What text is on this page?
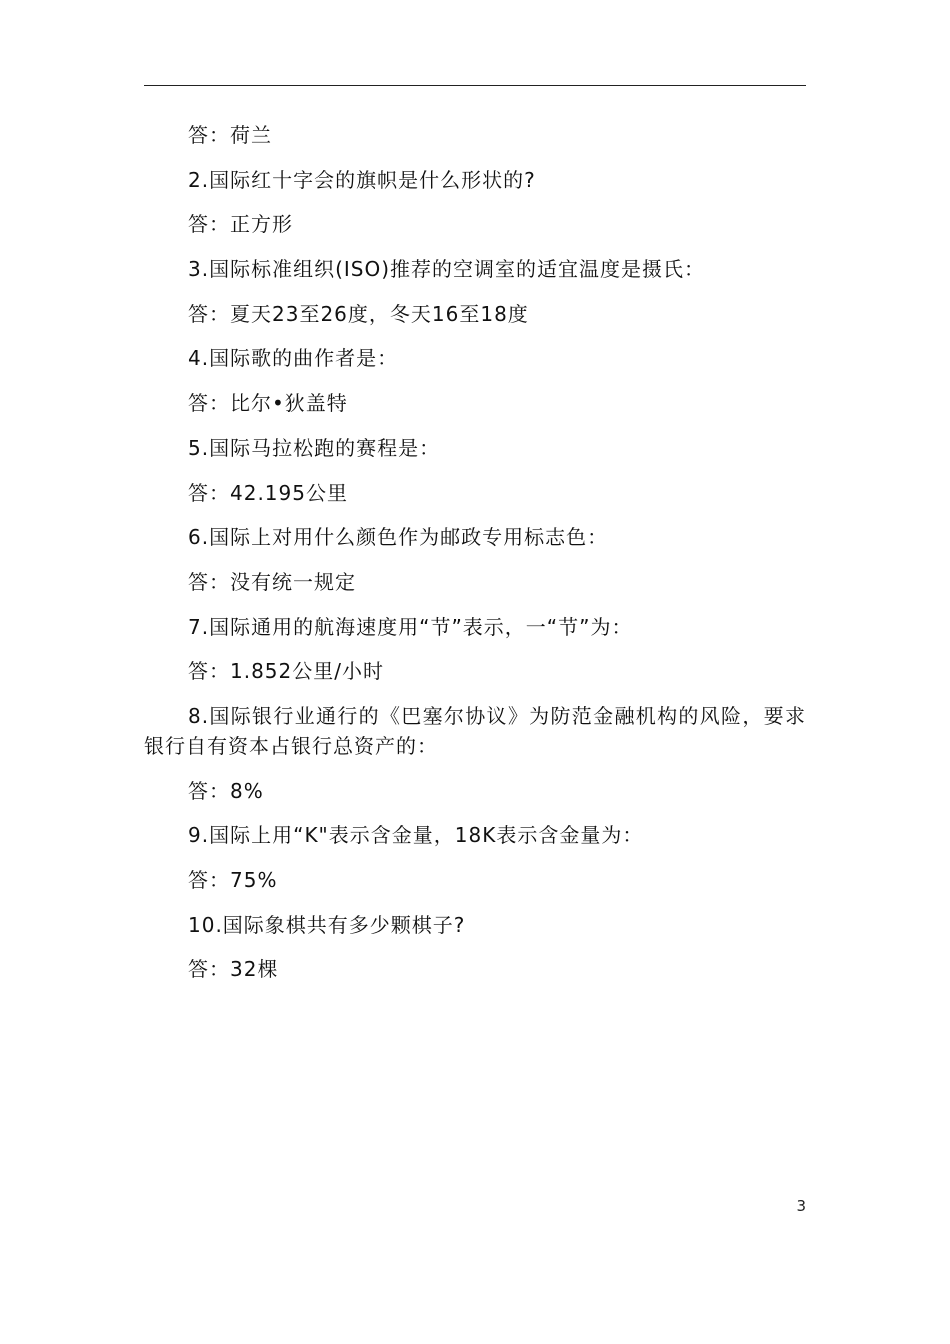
答：荷兰

2.国际红十字会的旗帜是什么形状的?

答：正方形

3.国际标准组织(ISO)推荐的空调室的适宜温度是摄氏：

答：夏天23至26度，冬天16至18度

4.国际歌的曲作者是：

答：比尔•狄盖特

5.国际马拉松跑的赛程是：

答：42.195公里

6.国际上对用什么颜色作为邮政专用标志色：

答：没有统一规定

7.国际通用的航海速度用“节”表示，一“节”为：

答：1.852公里/小时

8.国际银行业通行的《巴塞尔协议》为防范金融机构的风险，要求银行自有资本占银行总资产的：

答：8%

9.国际上用“K"表示含金量，18K表示含金量为：

答：75%

10.国际象棋共有多少颗棋子?

答：32棵

3
